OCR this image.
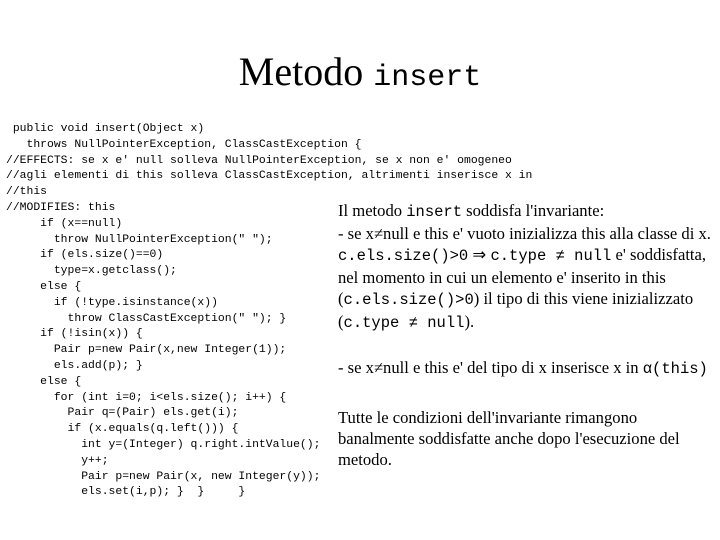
Metodo insert
public void insert(Object x)
throws NullPointerException, ClassCastException {
//EFFECTS: se x e' null solleva NullPointerException, se x non e' omogeneo
//agli elementi di this solleva ClassCastException, altrimenti inserisce x in
//this
//MODIFIES: this
if (x==null)
throw NullPointerException(" ");
if (els.size()==0)
type=x.getclass();
else {
if (!type.isinstance(x))
throw ClassCastException(" "); }
if (!isin(x)) {
Pair p=new Pair(x,new Integer(1));
els.add(p); }
else {
for (int i=0; i<els.size(); i++) {
Pair q=(Pair) els.get(i);
if (x.equals(q.left())) {
int y=(Integer) q.right.intValue();
y++;
Pair p=new Pair(x, new Integer(y));
els.set(i,p); }  }     }

Il metodo insert soddisfa l'invariante:

- se x≠null e this e' vuoto inizializza this alla classe di x. c.els.size()>0 ⇒ c.type ≠ null e' soddisfatta, nel momento in cui un elemento e' inserito in this (c.els.size()>0) il tipo di this viene inizializzato (c.type ≠ null).

- se x≠null e this e' del tipo di x inserisce x in α(this)

Tutte le condizioni dell'invariante rimangono banalmente soddisfatte anche dopo l'esecuzione del metodo.
